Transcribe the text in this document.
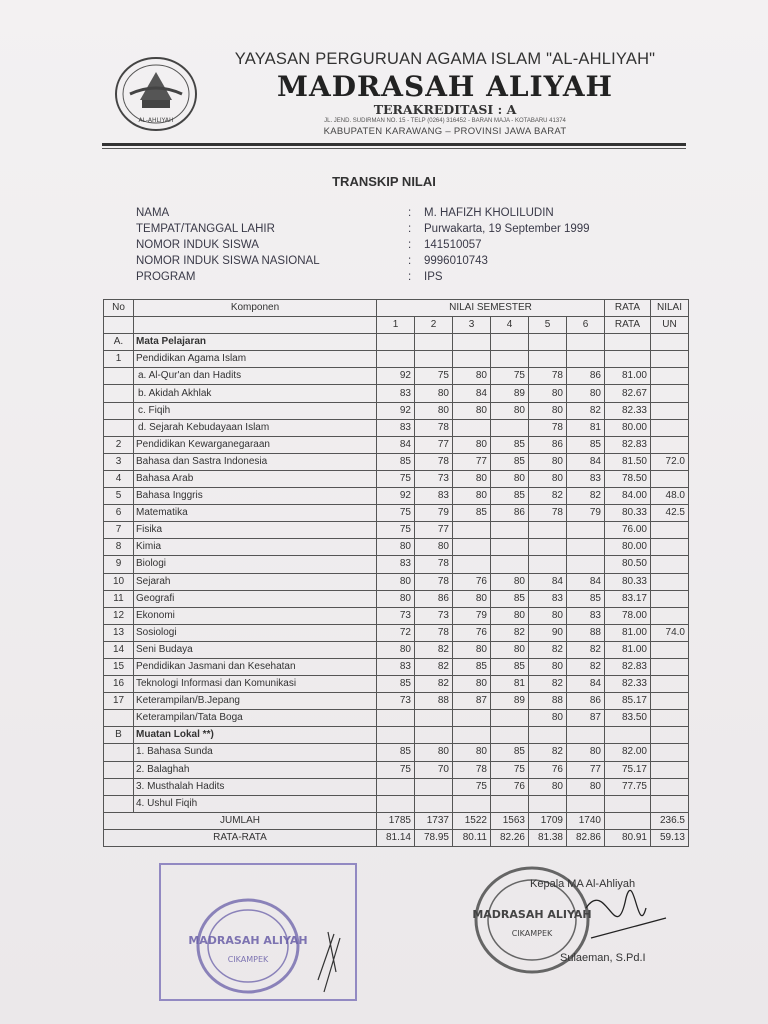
AL-AHLIYAH
YAYASAN PERGURUAN AGAMA ISLAM "AL-AHLIYAH"
MADRASAH ALIYAH
TERAKREDITASI : A
JL. JEND. SUDIRMAN NO. 15 - TELP (0264) 316452 - BARAN MAJA - KOTABARU 41374
KABUPATEN KARAWANG – PROVINSI JAWA BARAT
TRANSKIP NILAI
NAMA	:	M. HAFIZH KHOLILUDIN
TEMPAT/TANGGAL LAHIR	:	Purwakarta, 19 September 1999
NOMOR INDUK SISWA	:	141510057
NOMOR INDUK SISWA NASIONAL	:	9996010743
PROGRAM	:	IPS
No	Komponen	NILAI SEMESTER						RATA	NILAI
		1	2	3	4	5	6	RATA	UN
A.	Mata Pelajaran								
1	Pendidikan Agama Islam								
	a. Al-Qur'an dan Hadits	92	75	80	75	78	86	81.00	
	b. Akidah Akhlak	83	80	84	89	80	80	82.67	
	c. Fiqih	92	80	80	80	80	82	82.33	
	d. Sejarah Kebudayaan Islam	83	78			78	81	80.00	
2	Pendidikan Kewarganegaraan	84	77	80	85	86	85	82.83	
3	Bahasa dan Sastra Indonesia	85	78	77	85	80	84	81.50	72.0
4	Bahasa Arab	75	73	80	80	80	83	78.50	
5	Bahasa Inggris	92	83	80	85	82	82	84.00	48.0
6	Matematika	75	79	85	86	78	79	80.33	42.5
7	Fisika	75	77					76.00	
8	Kimia	80	80					80.00	
9	Biologi	83	78					80.50	
10	Sejarah	80	78	76	80	84	84	80.33	
11	Geografi	80	86	80	85	83	85	83.17	
12	Ekonomi	73	73	79	80	80	83	78.00	
13	Sosiologi	72	78	76	82	90	88	81.00	74.0
14	Seni Budaya	80	82	80	80	82	82	81.00	
15	Pendidikan Jasmani dan Kesehatan	83	82	85	85	80	82	82.83	
16	Teknologi Informasi dan Komunikasi	85	82	80	81	82	84	82.33	
17	Keterampilan/B.Jepang	73	88	87	89	88	86	85.17	
	Keterampilan/Tata Boga					80	87	83.50	
B	Muatan Lokal **)								
	1. Bahasa Sunda	85	80	80	85	82	80	82.00	
	2. Balaghah	75	70	78	75	76	77	75.17	
	3. Musthalah Hadits			75	76	80	80	77.75	
	4. Ushul Fiqih								
JUMLAH		1785	1737	1522	1563	1709	1740		236.5
RATA-RATA		81.14	78.95	80.11	82.26	81.38	82.86	80.91	59.13
MADRASAH ALIYAH
CIKAMPEK
MADRASAH ALIYAH
CIKAMPEK
Kepala MA Al-Ahliyah
Sulaeman, S.Pd.I
